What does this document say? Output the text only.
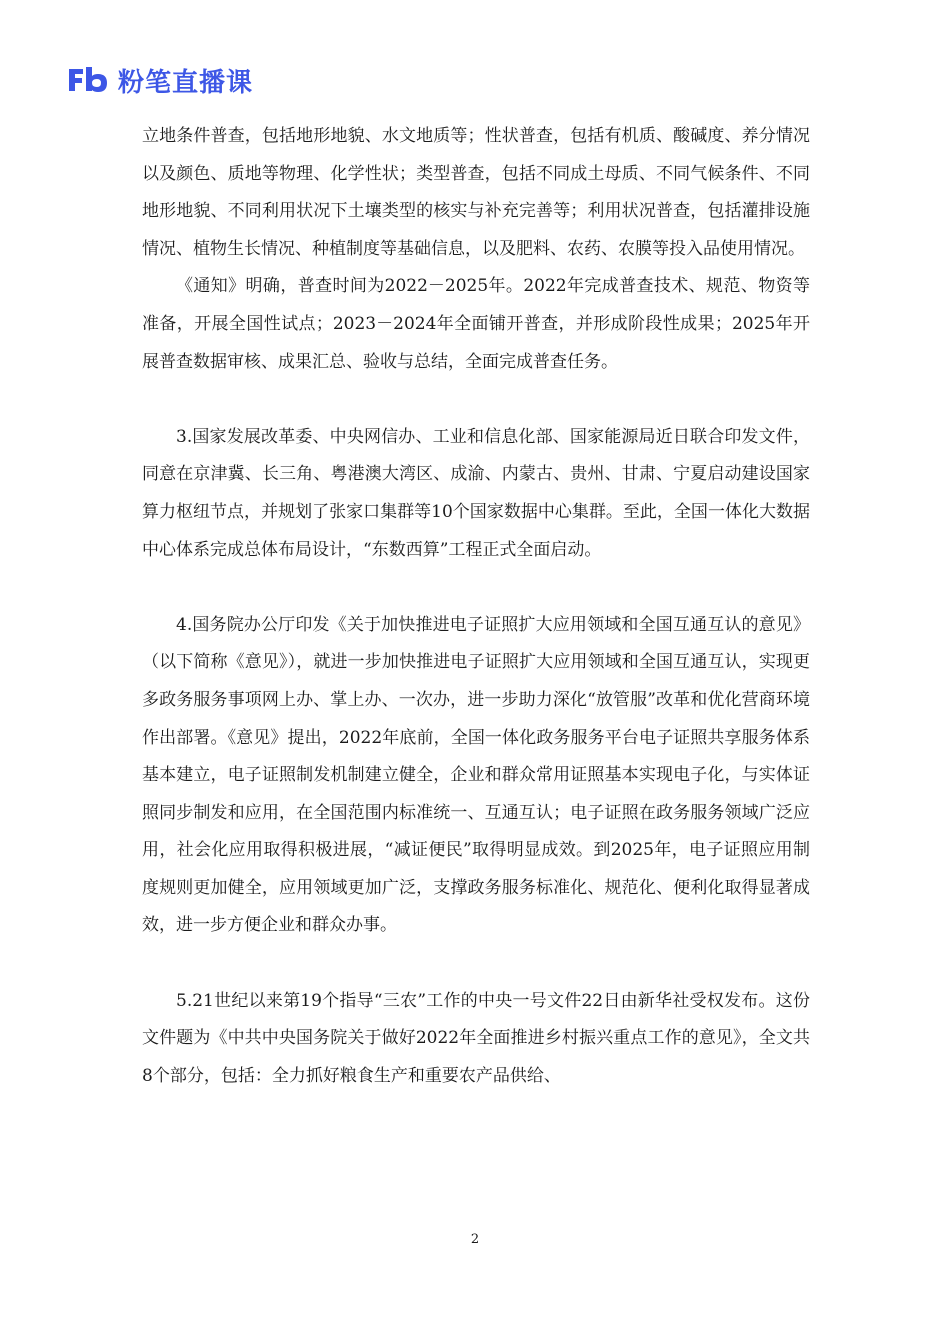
粉笔直播课

立地条件普查，包括地形地貌、水文地质等；性状普查，包括有机质、酸碱度、养分情况以及颜色、质地等物理、化学性状；类型普查，包括不同成土母质、不同气候条件、不同地形地貌、不同利用状况下土壤类型的核实与补充完善等；利用状况普查，包括灌排设施情况、植物生长情况、种植制度等基础信息，以及肥料、农药、农膜等投入品使用情况。

《通知》明确，普查时间为2022－2025年。2022年完成普查技术、规范、物资等准备，开展全国性试点；2023－2024年全面铺开普查，并形成阶段性成果；2025年开展普查数据审核、成果汇总、验收与总结，全面完成普查任务。

3.国家发展改革委、中央网信办、工业和信息化部、国家能源局近日联合印发文件，同意在京津冀、长三角、粤港澳大湾区、成渝、内蒙古、贵州、甘肃、宁夏启动建设国家算力枢纽节点，并规划了张家口集群等10个国家数据中心集群。至此，全国一体化大数据中心体系完成总体布局设计，“东数西算”工程正式全面启动。

4.国务院办公厅印发《关于加快推进电子证照扩大应用领域和全国互通互认的意见》（以下简称《意见》），就进一步加快推进电子证照扩大应用领域和全国互通互认，实现更多政务服务事项网上办、掌上办、一次办，进一步助力深化“放管服”改革和优化营商环境作出部署。《意见》提出，2022年底前，全国一体化政务服务平台电子证照共享服务体系基本建立，电子证照制发机制建立健全，企业和群众常用证照基本实现电子化，与实体证照同步制发和应用，在全国范围内标准统一、互通互认；电子证照在政务服务领域广泛应用，社会化应用取得积极进展，“减证便民”取得明显成效。到2025年，电子证照应用制度规则更加健全，应用领域更加广泛，支撑政务服务标准化、规范化、便利化取得显著成效，进一步方便企业和群众办事。

5.21世纪以来第19个指导“三农”工作的中央一号文件22日由新华社受权发布。这份文件题为《中共中央国务院关于做好2022年全面推进乡村振兴重点工作的意见》，全文共8个部分，包括：全力抓好粮食生产和重要农产品供给、

2
